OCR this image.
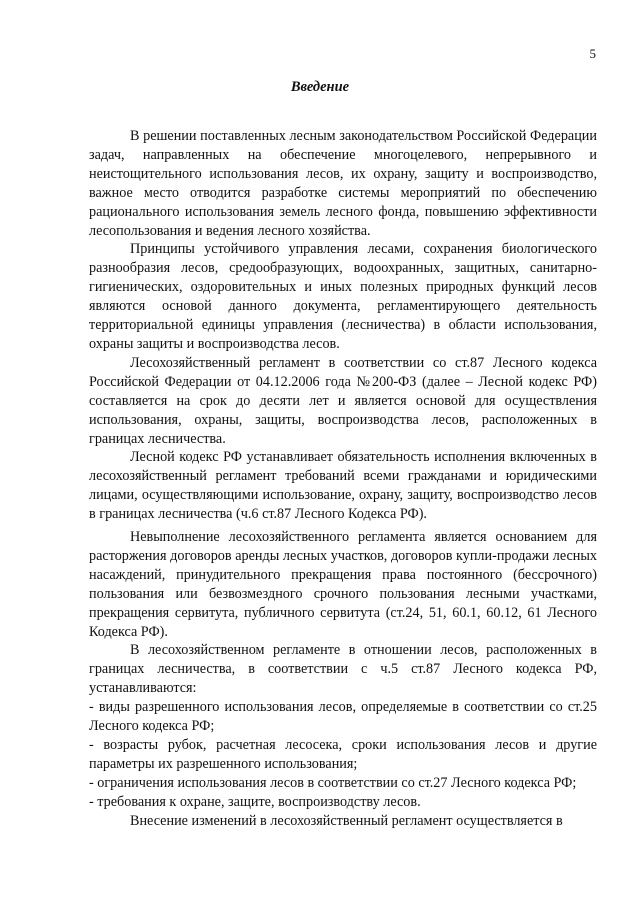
5
Введение

В решении поставленных лесным законодательством Российской Федерации задач, направленных на обеспечение многоцелевого, непрерывного и неистощительного использования лесов, их охрану, защиту и воспроизводство, важное место отводится разработке системы мероприятий по обеспечению рационального использования земель лесного фонда, повышению эффективности лесопользования и ведения лесного хозяйства.

Принципы устойчивого управления лесами, сохранения биологического разнообразия лесов, средообразующих, водоохранных, защитных, санитарно-гигиенических, оздоровительных и иных полезных природных функций лесов являются основой данного документа, регламентирующего деятельность территориальной единицы управления (лесничества) в области использования, охраны защиты и воспроизводства лесов.

Лесохозяйственный регламент в соответствии со ст.87 Лесного кодекса Российской Федерации от 04.12.2006 года №200-ФЗ (далее – Лесной кодекс РФ) составляется на срок до десяти лет и является основой для осуществления использования, охраны, защиты, воспроизводства лесов, расположенных в границах лесничества.

Лесной кодекс РФ устанавливает обязательность исполнения включенных в лесохозяйственный регламент требований всеми гражданами и юридическими лицами, осуществляющими использование, охрану, защиту, воспроизводство лесов в границах лесничества (ч.6 ст.87 Лесного Кодекса РФ).

Невыполнение лесохозяйственного регламента является основанием для расторжения договоров аренды лесных участков, договоров купли-продажи лесных насаждений, принудительного прекращения права постоянного (бессрочного) пользования или безвозмездного срочного пользования лесными участками, прекращения сервитута, публичного сервитута (ст.24, 51, 60.1, 60.12, 61 Лесного Кодекса РФ).

В лесохозяйственном регламенте в отношении лесов, расположенных в границах лесничества, в соответствии с ч.5 ст.87 Лесного кодекса РФ, устанавливаются:

- виды разрешенного использования лесов, определяемые в соответствии со ст.25 Лесного кодекса РФ;

- возрасты рубок, расчетная лесосека, сроки использования лесов и другие параметры их разрешенного использования;

- ограничения использования лесов в соответствии со ст.27 Лесного кодекса РФ;

- требования к охране, защите, воспроизводству лесов.

Внесение изменений в лесохозяйственный регламент осуществляется в
